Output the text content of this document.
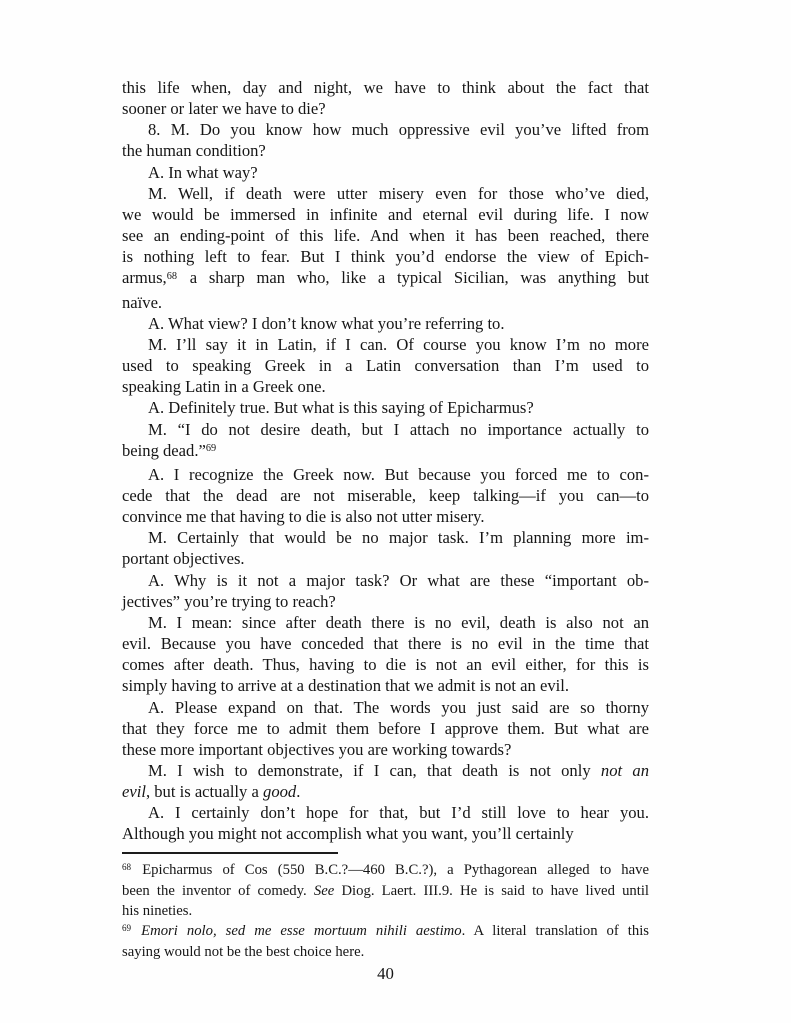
this life when, day and night, we have to think about the fact that
sooner or later we have to die?
8. M. Do you know how much oppressive evil you’ve lifted from
the human condition?
A. In what way?
M. Well, if death were utter misery even for those who’ve died,
we would be immersed in infinite and eternal evil during life. I now
see an ending-point of this life. And when it has been reached, there
is nothing left to fear. But I think you’d endorse the view of Epich-
armus,$^{68}$ a sharp man who, like a typical Sicilian, was anything but
naïve.
A. What view? I don’t know what you’re referring to.
M. I’ll say it in Latin, if I can. Of course you know I’m no more
used to speaking Greek in a Latin conversation than I’m used to
speaking Latin in a Greek one.
A. Definitely true. But what is this saying of Epicharmus?
M. “I do not desire death, but I attach no importance actually to
being dead.”$^{69}$
A. I recognize the Greek now. But because you forced me to con-
cede that the dead are not miserable, keep talking—if you can—to
convince me that having to die is also not utter misery.
M. Certainly that would be no major task. I’m planning more im-
portant objectives.
A. Why is it not a major task? Or what are these “important ob-
jectives” you’re trying to reach?
M. I mean: since after death there is no evil, death is also not an
evil. Because you have conceded that there is no evil in the time that
comes after death. Thus, having to die is not an evil either, for this is
simply having to arrive at a destination that we admit is not an evil.
A. Please expand on that. The words you just said are so thorny
that they force me to admit them before I approve them. But what are
these more important objectives you are working towards?
M. I wish to demonstrate, if I can, that death is not only not an
evil, but is actually a good.
A. I certainly don’t hope for that, but I’d still love to hear you.
Although you might not accomplish what you want, you’ll certainly
$^{68}$ Epicharmus of Cos (550 B.C.?—460 B.C.?), a Pythagorean alleged to have
been the inventor of comedy. See Diog. Laert. III.9. He is said to have lived until
his nineties.
$^{69}$ Emori nolo, sed me esse mortuum nihili aestimo. A literal translation of this
saying would not be the best choice here.
40
